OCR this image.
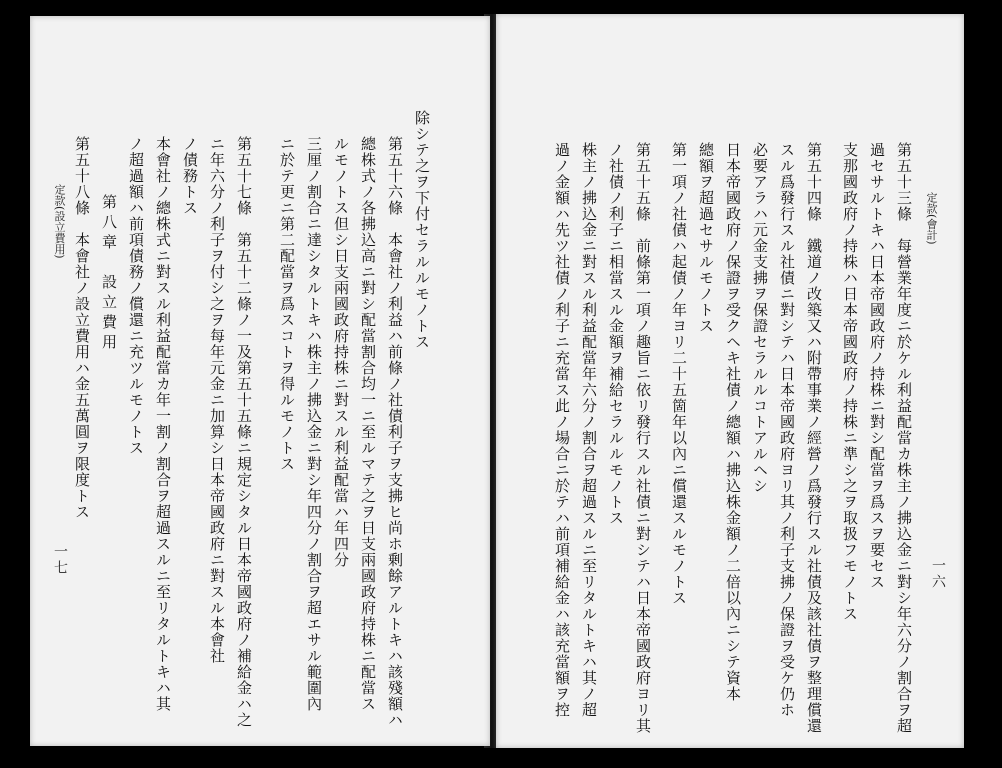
定款(設立費用)
一七
除シテ之ヲ下付セラルルモノトス
第五十六條　本會社ノ利益ハ前條ノ社債利子ヲ支拂ヒ尚ホ剰餘アルトキハ該殘額ハ
總株式ノ各拂込高ニ對シ配當割合均一ニ至ルマテ之ヲ日支兩國政府持株ニ配當ス
ルモノトス但シ日支兩國政府持株ニ對スル利益配當ハ年四分
三厘ノ割合ニ達シタルトキハ株主ノ拂込金ニ對シ年四分ノ割合ヲ超エサル範圍內
ニ於テ更ニ第二配當ヲ爲スコトヲ得ルモノトス
第五十七條　第五十二條ノ一及第五十五條ニ規定シタル日本帝國政府ノ補給金ハ之
ニ年六分ノ利子ヲ付シ之ヲ每年元金ニ加算シ日本帝國政府ニ對スル本會社
ノ債務トス
本會社ノ總株式ニ對スル利益配當カ年一割ノ割合ヲ超過スルニ至リタルトキハ其
ノ超過額ハ前項債務ノ償還ニ充ツルモノトス
第八章　設立費用
第五十八條　本會社ノ設立費用ハ金五萬圓ヲ限度トス	定款(會計)
一六
第五十三條　每營業年度ニ於ケル利益配當カ株主ノ拂込金ニ對シ年六分ノ割合ヲ超
過セサルトキハ日本帝國政府ノ持株ニ對シ配當ヲ爲スヲ要セス
支那國政府ノ持株ハ日本帝國政府ノ持株ニ準シ之ヲ取扱フモノトス
第五十四條　鐵道ノ改築又ハ附帶事業ノ經營ノ爲發行スル社債及該社債ヲ整理償還
スル爲發行スル社債ニ對シテハ日本帝國政府ヨリ其ノ利子支拂ノ保證ヲ受ケ仍ホ
必要アラハ元金支拂ヲ保證セラルルコトアルヘシ
日本帝國政府ノ保證ヲ受クヘキ社債ノ總額ハ拂込株金額ノ二倍以內ニシテ資本
總額ヲ超過セサルモノトス
第一項ノ社債ハ起債ノ年ヨリ二十五箇年以內ニ償還スルモノトス
第五十五條　前條第一項ノ趣旨ニ依リ發行スル社債ニ對シテハ日本帝國政府ヨリ其
ノ社債ノ利子ニ相當スル金額ヲ補給セラルルモノトス
株主ノ拂込金ニ對スル利益配當年六分ノ割合ヲ超過スルニ至リタルトキハ其ノ超
過ノ金額ハ先ツ社債ノ利子ニ充當ス此ノ場合ニ於テハ前項補給金ハ該充當額ヲ控
